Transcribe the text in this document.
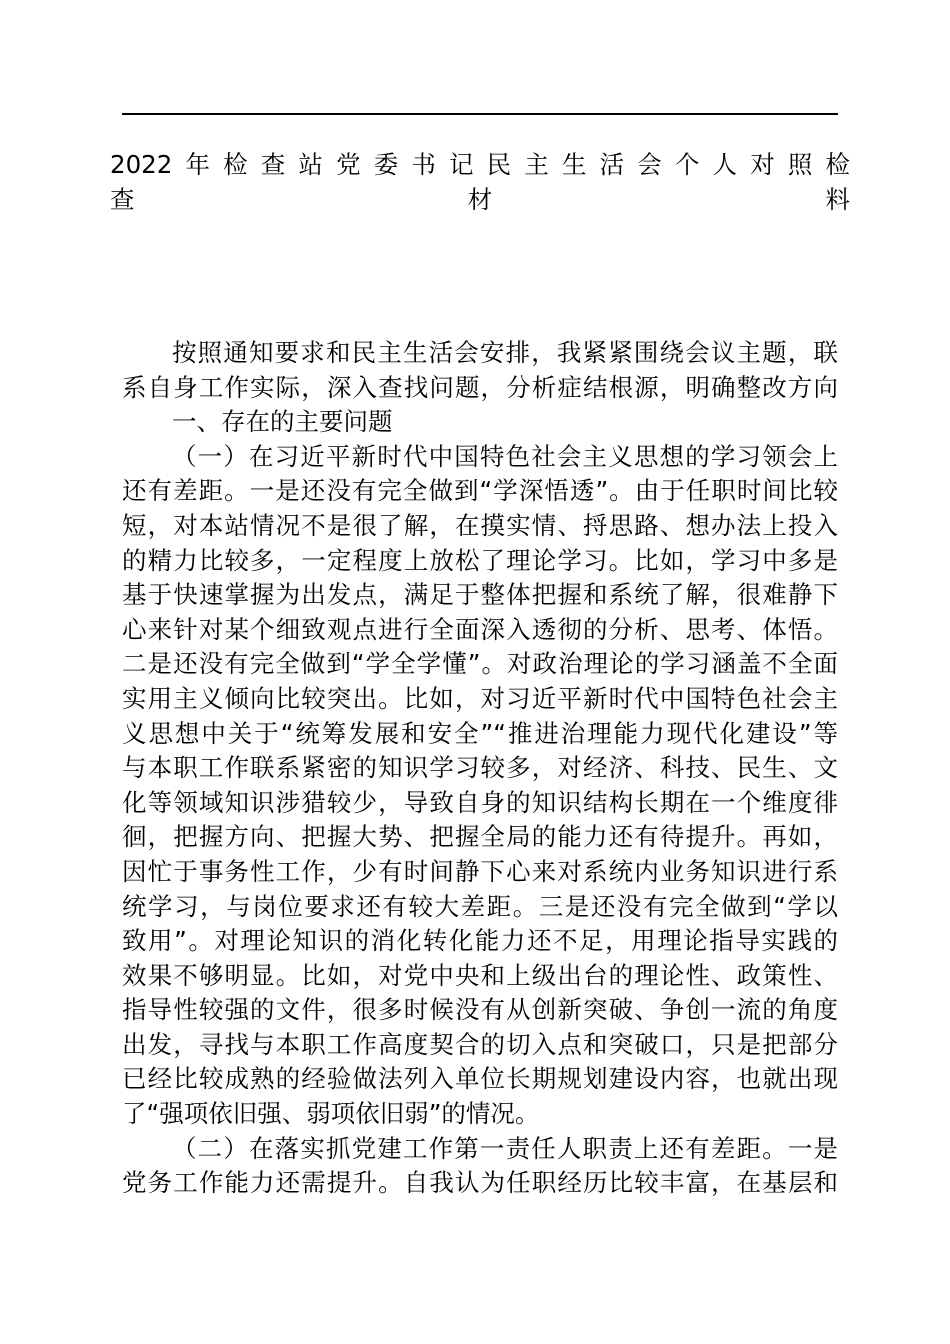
2022年检查站党委书记民主生活会个人对照检
查材料
按照通知要求和民主生活会安排，我紧紧围绕会议主题，联
系自身工作实际，深入查找问题，分析症结根源，明确整改方向
一、存在的主要问题
（一）在习近平新时代中国特色社会主义思想的学习领会上
还有差距。一是还没有完全做到“学深悟透”。由于任职时间比较
短，对本站情况不是很了解，在摸实情、捋思路、想办法上投入
的精力比较多，一定程度上放松了理论学习。比如，学习中多是
基于快速掌握为出发点，满足于整体把握和系统了解，很难静下
心来针对某个细致观点进行全面深入透彻的分析、思考、体悟。
二是还没有完全做到“学全学懂”。对政治理论的学习涵盖不全面
实用主义倾向比较突出。比如，对习近平新时代中国特色社会主
义思想中关于“统筹发展和安全”“推进治理能力现代化建设”等
与本职工作联系紧密的知识学习较多，对经济、科技、民生、文
化等领域知识涉猎较少，导致自身的知识结构长期在一个维度徘
徊，把握方向、把握大势、把握全局的能力还有待提升。再如，
因忙于事务性工作，少有时间静下心来对系统内业务知识进行系
统学习，与岗位要求还有较大差距。三是还没有完全做到“学以
致用”。对理论知识的消化转化能力还不足，用理论指导实践的
效果不够明显。比如，对党中央和上级出台的理论性、政策性、
指导性较强的文件，很多时候没有从创新突破、争创一流的角度
出发，寻找与本职工作高度契合的切入点和突破口，只是把部分
已经比较成熟的经验做法列入单位长期规划建设内容，也就出现
了“强项依旧强、弱项依旧弱”的情况。
（二）在落实抓党建工作第一责任人职责上还有差距。一是
党务工作能力还需提升。自我认为任职经历比较丰富，在基层和
